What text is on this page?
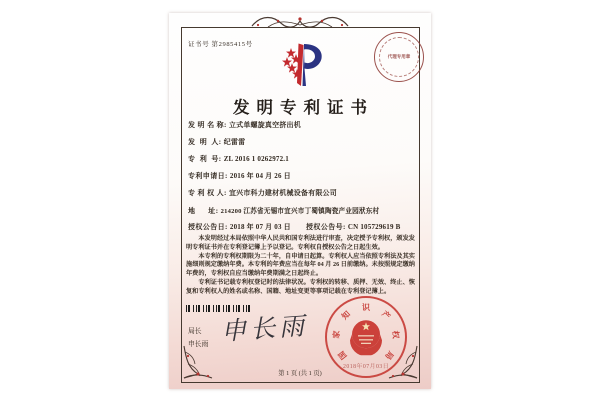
证书号 第2985415号
代理专用章
发明专利证书
发 明 名 称: 立式单螺旋真空挤出机
发  明  人: 纪雷雷
专  利  号: ZL 2016 1 0262972.1
专利申请日: 2016 年 04 月 26 日
专 利 权 人: 宜兴市科力建材机械设备有限公司
地      址: 214200 江苏省无锡市宜兴市丁蜀镇陶瓷产业园洑东村
授权公告日: 2018 年 07 月 03 日 授权公告号: CN 105729619 B

本发明经过本局依照中华人民共和国专利法进行审查，决定授予专利权，颁发发明专利证书并在专利登记簿上予以登记。专利权自授权公告之日起生效。

本专利的专利权期限为二十年，自申请日起算。专利权人应当依照专利法及其实施细则规定缴纳年费。本专利的年费应当在每年 04 月 26 日前缴纳。未按照规定缴纳年费的，专利权自应当缴纳年费期满之日起终止。

专利证书记载专利权登记时的法律状况。专利权的转移、质押、无效、终止、恢复和专利权人的姓名或名称、国籍、地址变更等事项记载在专利登记簿上。

局长
申长雨 申长雨
国
家
知
识
产
权
局
2018年07月03日
第 1 页 (共 1 页)
